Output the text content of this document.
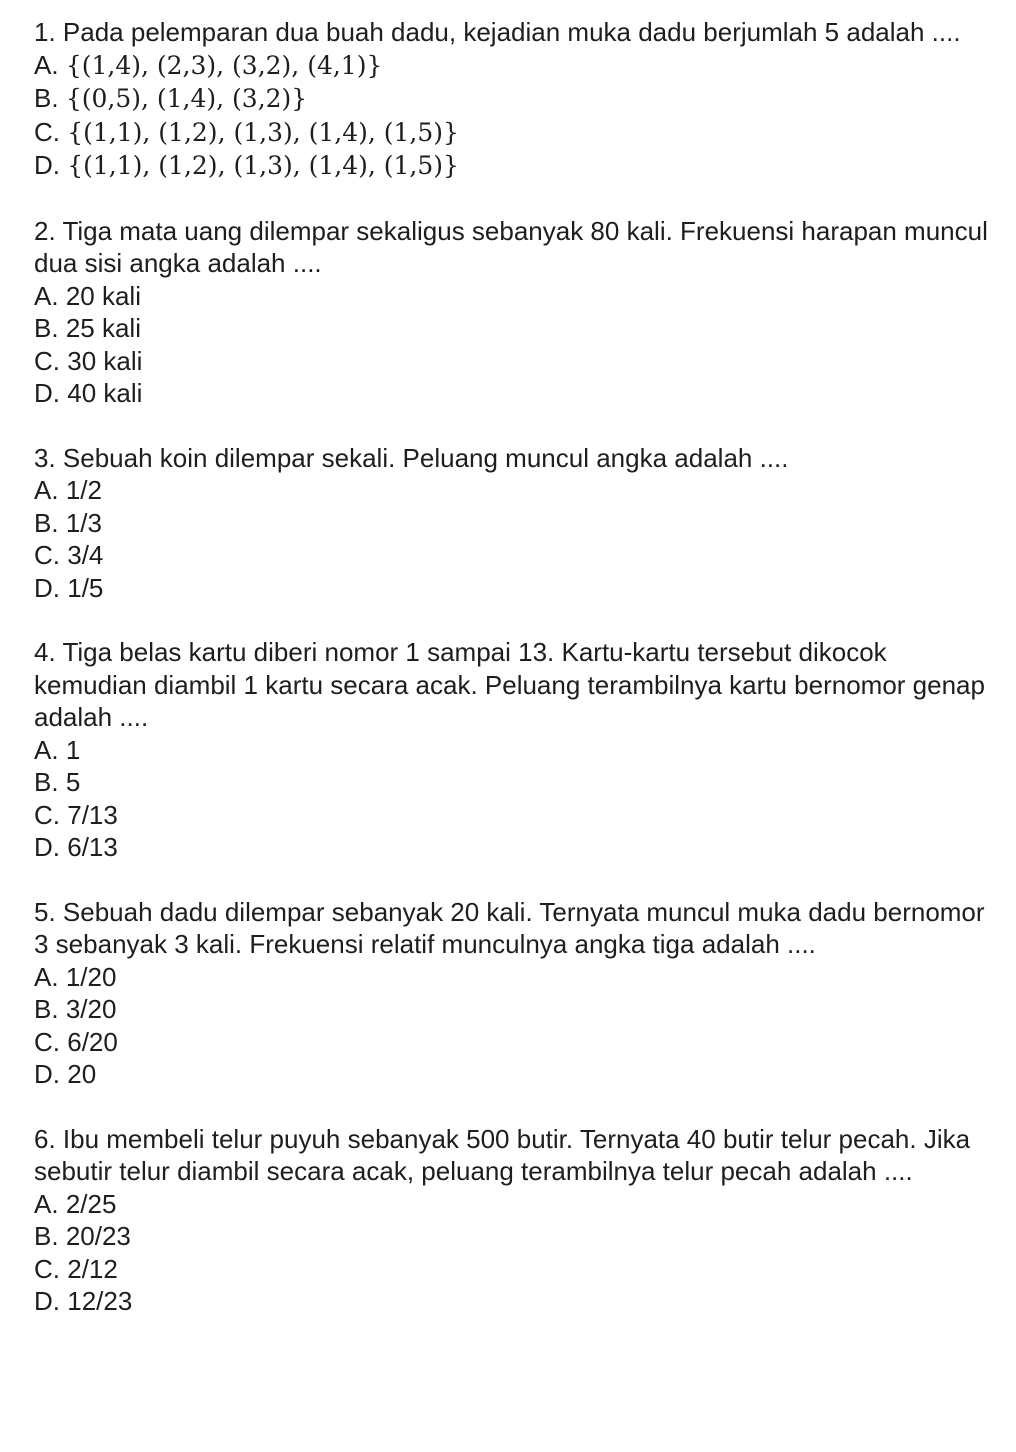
1. Pada pelemparan dua buah dadu, kejadian muka dadu berjumlah 5 adalah ....

A. {(1,4), (2,3), (3,2), (4,1)}
B. {(0,5), (1,4), (3,2)}
C. {(1,1), (1,2), (1,3), (1,4), (1,5)}
D. {(1,1), (1,2), (1,3), (1,4), (1,5)}

2. Tiga mata uang dilempar sekaligus sebanyak 80 kali. Frekuensi harapan muncul dua sisi angka adalah ....

A. 20 kali
B. 25 kali
C. 30 kali
D. 40 kali

3. Sebuah koin dilempar sekali. Peluang muncul angka adalah ....

A. 1/2
B. 1/3
C. 3/4
D. 1/5

4. Tiga belas kartu diberi nomor 1 sampai 13. Kartu-kartu tersebut dikocok kemudian diambil 1 kartu secara acak. Peluang terambilnya kartu bernomor genap adalah ....

A. 1
B. 5
C. 7/13
D. 6/13

5. Sebuah dadu dilempar sebanyak 20 kali. Ternyata muncul muka dadu bernomor 3 sebanyak 3 kali. Frekuensi relatif munculnya angka tiga adalah ....

A. 1/20
B. 3/20
C. 6/20
D. 20

6. Ibu membeli telur puyuh sebanyak 500 butir. Ternyata 40 butir telur pecah. Jika sebutir telur diambil secara acak, peluang terambilnya telur pecah adalah ....

A. 2/25
B. 20/23
C. 2/12
D. 12/23
